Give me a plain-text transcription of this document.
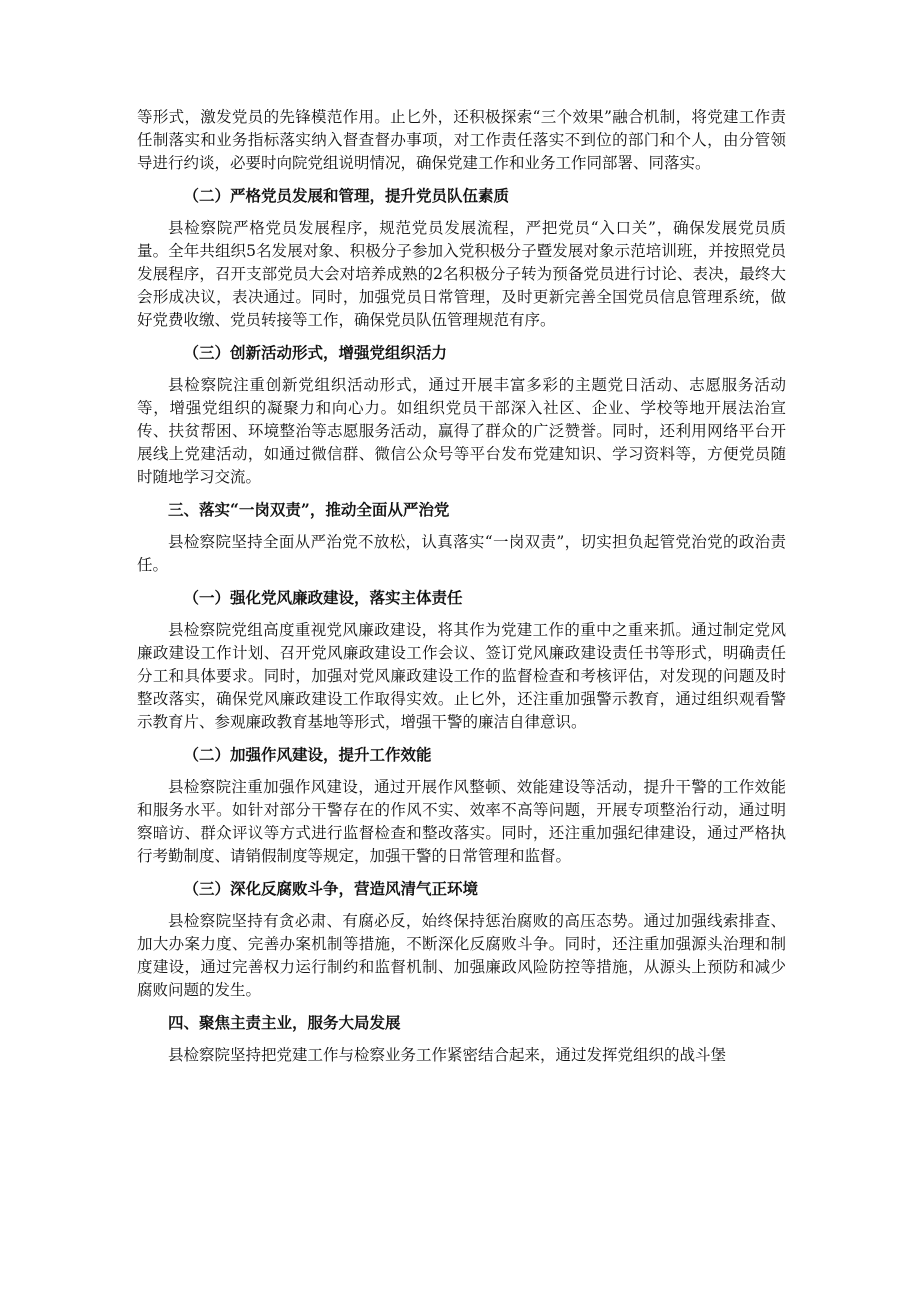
等形式，激发党员的先锋模范作用。止匕外，还积极探索“三个效果”融合机制，将党建工作责任制落实和业务指标落实纳入督查督办事项，对工作责任落实不到位的部门和个人，由分管领导进行约谈，必要时向院党组说明情况，确保党建工作和业务工作同部署、同落实。

（二）严格党员发展和管理，提升党员队伍素质

县检察院严格党员发展程序，规范党员发展流程，严把党员“入口关”，确保发展党员质量。全年共组织5名发展对象、积极分子参加入党积极分子暨发展对象示范培训班，并按照党员发展程序，召开支部党员大会对培养成熟的2名积极分子转为预备党员进行讨论、表决，最终大会形成决议，表决通过。同时，加强党员日常管理，及时更新完善全国党员信息管理系统，做好党费收缴、党员转接等工作，确保党员队伍管理规范有序。

（三）创新活动形式，增强党组织活力

县检察院注重创新党组织活动形式，通过开展丰富多彩的主题党日活动、志愿服务活动等，增强党组织的凝聚力和向心力。如组织党员干部深入社区、企业、学校等地开展法治宣传、扶贫帮困、环境整治等志愿服务活动，赢得了群众的广泛赞誉。同时，还利用网络平台开展线上党建活动，如通过微信群、微信公众号等平台发布党建知识、学习资料等，方便党员随时随地学习交流。

三、落实“一岗双责”，推动全面从严治党

县检察院坚持全面从严治党不放松，认真落实“一岗双责”，切实担负起管党治党的政治责任。

（一）强化党风廉政建设，落实主体责任

县检察院党组高度重视党风廉政建设，将其作为党建工作的重中之重来抓。通过制定党风廉政建设工作计划、召开党风廉政建设工作会议、签订党风廉政建设责任书等形式，明确责任分工和具体要求。同时，加强对党风廉政建设工作的监督检查和考核评估，对发现的问题及时整改落实，确保党风廉政建设工作取得实效。止匕外，还注重加强警示教育，通过组织观看警示教育片、参观廉政教育基地等形式，增强干警的廉洁自律意识。

（二）加强作风建设，提升工作效能

县检察院注重加强作风建设，通过开展作风整顿、效能建设等活动，提升干警的工作效能和服务水平。如针对部分干警存在的作风不实、效率不高等问题，开展专项整治行动，通过明察暗访、群众评议等方式进行监督检查和整改落实。同时，还注重加强纪律建设，通过严格执行考勤制度、请销假制度等规定，加强干警的日常管理和监督。

（三）深化反腐败斗争，营造风清气正环境

县检察院坚持有贪必肃、有腐必反，始终保持惩治腐败的高压态势。通过加强线索排查、加大办案力度、完善办案机制等措施，不断深化反腐败斗争。同时，还注重加强源头治理和制度建设，通过完善权力运行制约和监督机制、加强廉政风险防控等措施，从源头上预防和减少腐败问题的发生。

四、聚焦主责主业，服务大局发展

县检察院坚持把党建工作与检察业务工作紧密结合起来，通过发挥党组织的战斗堡
